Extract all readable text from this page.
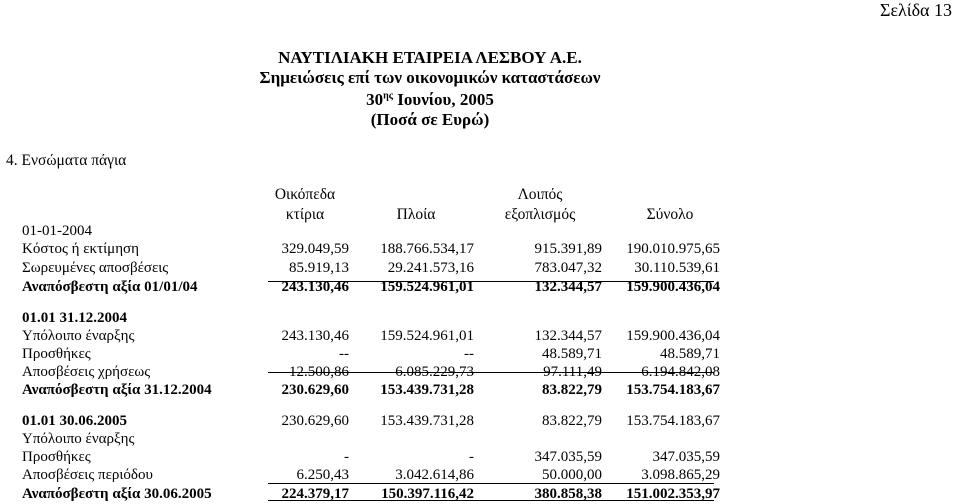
Σελίδα 13
ΝΑΥΤΙΛΙΑΚΗ ΕΤΑΙΡΕΙΑ ΛΕΣΒΟΥ Α.Ε.
Σημειώσεις επί των οικονομικών καταστάσεων
$30^{\eta\varsigma}$ Ιουνίου, 2005
(Ποσά σε Ευρώ)
4. Ενσώματα πάγια
Οικόπεδα
κτίρια	Πλοία
Λοιπός
εξοπλισμός	Σύνολο
01-01-2004
Κόστος ή εκτίμηση	329.049,59 188.766.534,17	915.391,89 190.010.975,65
Σωρευμένες αποσβέσεις	85.919,13	29.241.573,16	783.047,32 30.110.539,61
Αναπόσβεστη αξία 01/01/04	243.130,46 159.524.961,01	132.344,57 159.900.436,04
01.01 31.12.2004
Υπόλοιπο έναρξης	243.130,46 159.524.961,01	132.344,57 159.900.436,04
Προσθήκες	--	--	48.589,71	48.589,71
Αποσβέσεις χρήσεως	12.500,86	6.085.229,73	97.111,49	6.194.842,08
Αναπόσβεστη αξία 31.12.2004	230.629,60 153.439.731,28	83.822,79 153.754.183,67
01.01 30.06.2005	230.629,60 153.439.731,28	83.822,79 153.754.183,67
Υπόλοιπο έναρξης
Προσθήκες	-	-	347.035,59	347.035,59
Αποσβέσεις περιόδου	6.250,43	3.042.614,86	50.000,00	3.098.865,29
Αναπόσβεστη αξία 30.06.2005	224.379,17 150.397.116,42	380.858,38 151.002.353,97
